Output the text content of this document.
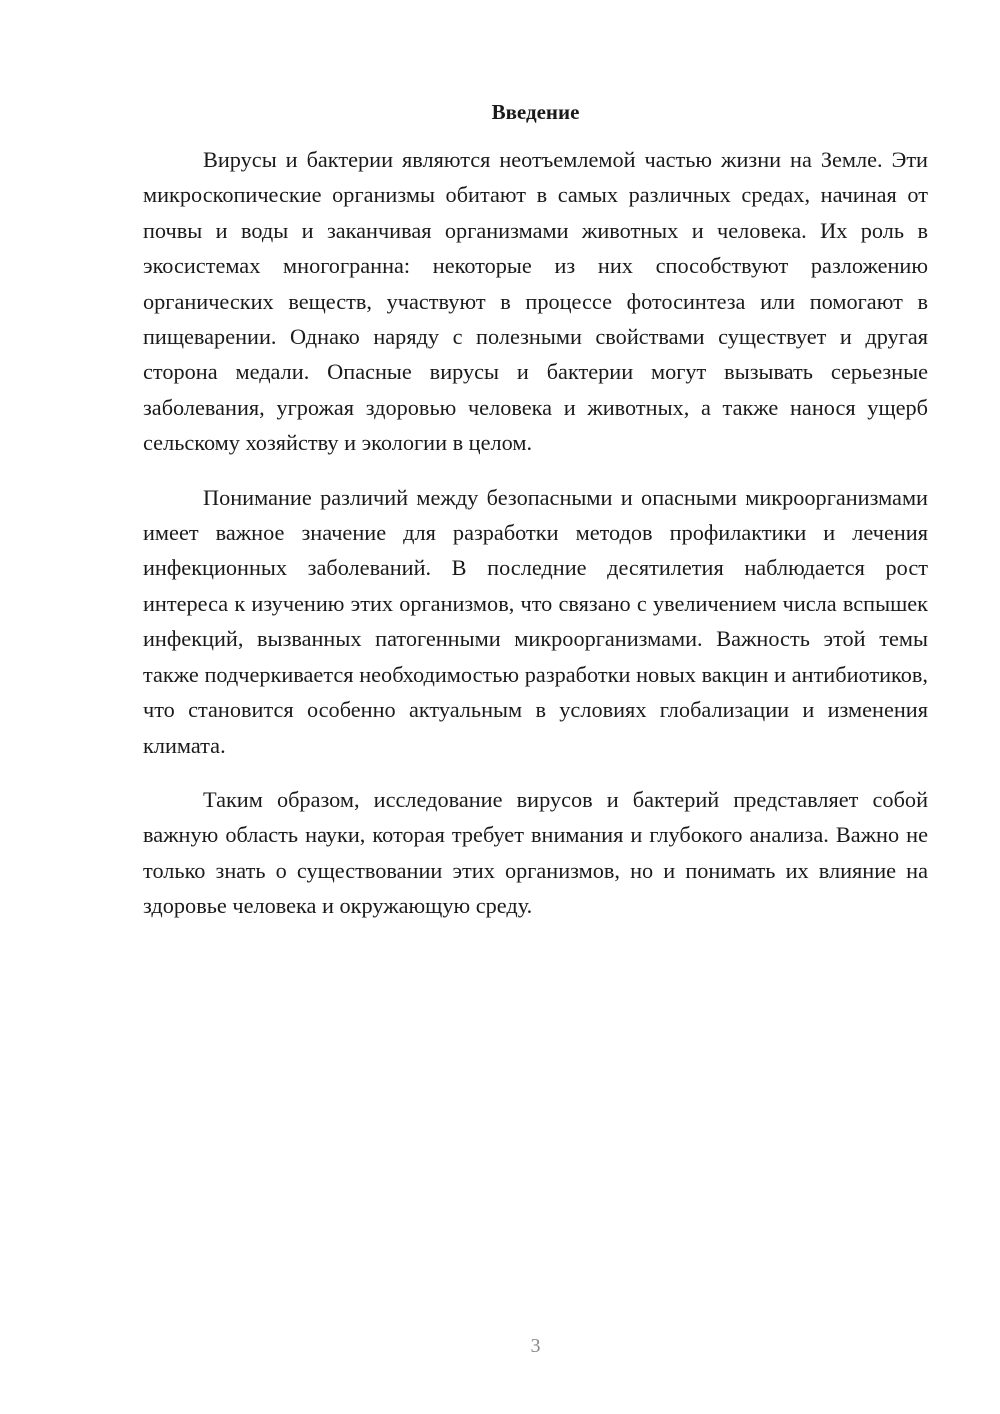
Введение

Вирусы и бактерии являются неотъемлемой частью жизни на Земле. Эти микроскопические организмы обитают в самых различных средах, начиная от почвы и воды и заканчивая организмами животных и человека. Их роль в экосистемах многогранна: некоторые из них способствуют разложению органических веществ, участвуют в процессе фотосинтеза или помогают в пищеварении. Однако наряду с полезными свойствами существует и другая сторона медали. Опасные вирусы и бактерии могут вызывать серьезные заболевания, угрожая здоровью человека и животных, а также нанося ущерб сельскому хозяйству и экологии в целом.

Понимание различий между безопасными и опасными микроорганизмами имеет важное значение для разработки методов профилактики и лечения инфекционных заболеваний. В последние десятилетия наблюдается рост интереса к изучению этих организмов, что связано с увеличением числа вспышек инфекций, вызванных патогенными микроорганизмами. Важность этой темы также подчеркивается необходимостью разработки новых вакцин и антибиотиков, что становится особенно актуальным в условиях глобализации и изменения климата.

Таким образом, исследование вирусов и бактерий представляет собой важную область науки, которая требует внимания и глубокого анализа. Важно не только знать о существовании этих организмов, но и понимать их влияние на здоровье человека и окружающую среду.

3
